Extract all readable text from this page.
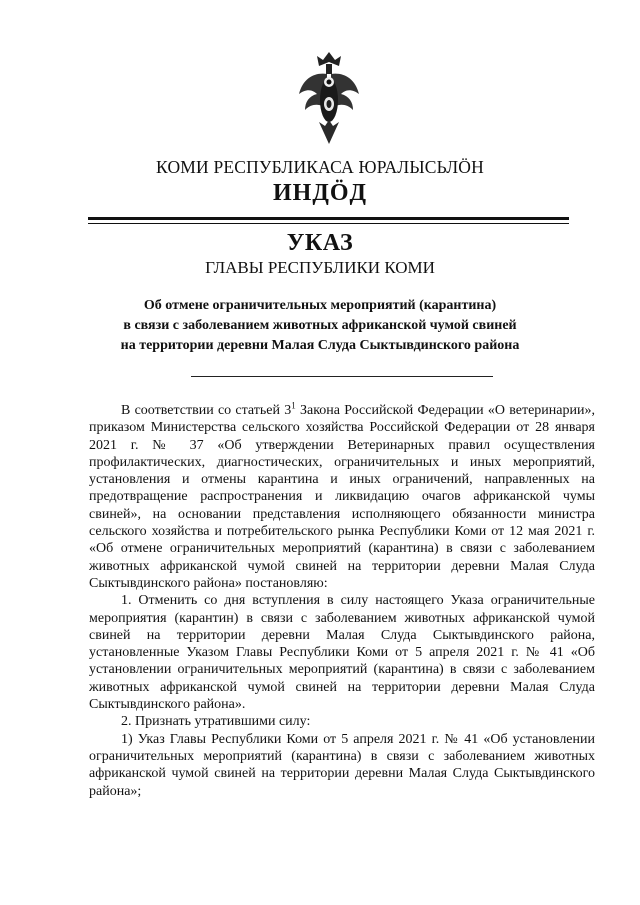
КОМИ РЕСПУБЛИКАСА ЮРАЛЫСЬЛÖН
ИНДÖД
УКАЗ
ГЛАВЫ РЕСПУБЛИКИ КОМИ
Об отмене ограничительных мероприятий (карантина)
в связи с заболеванием животных африканской чумой свиней
на территории деревни Малая Слуда Сыктывдинского района

В соответствии со статьей $3^1$ Закона Российской Федерации «О ветеринарии», приказом Министерства сельского хозяйства Российской Федерации от 28 января 2021 г. № 37 «Об утверждении Ветеринарных правил осуществления профилактических, диагностических, ограничительных и иных мероприятий, установления и отмены карантина и иных ограничений, направленных на предотвращение распространения и ликвидацию очагов африканской чумы свиней», на основании представления исполняющего обязанности министра сельского хозяйства и потребительского рынка Республики Коми от 12 мая 2021 г. «Об отмене ограничительных мероприятий (карантина) в связи с заболеванием животных африканской чумой свиней на территории деревни Малая Слуда Сыктывдинского района» постановляю:

1. Отменить со дня вступления в силу настоящего Указа ограничительные мероприятия (карантин) в связи с заболеванием животных африканской чумой свиней на территории деревни Малая Слуда Сыктывдинского района, установленные Указом Главы Республики Коми от 5 апреля 2021 г. № 41 «Об установлении ограничительных мероприятий (карантина) в связи с заболеванием животных африканской чумой свиней на территории деревни Малая Слуда Сыктывдинского района».

2. Признать утратившими силу:

1) Указ Главы Республики Коми от 5 апреля 2021 г. № 41 «Об установлении ограничительных мероприятий (карантина) в связи с заболеванием животных африканской чумой свиней на территории деревни Малая Слуда Сыктывдинского района»;
